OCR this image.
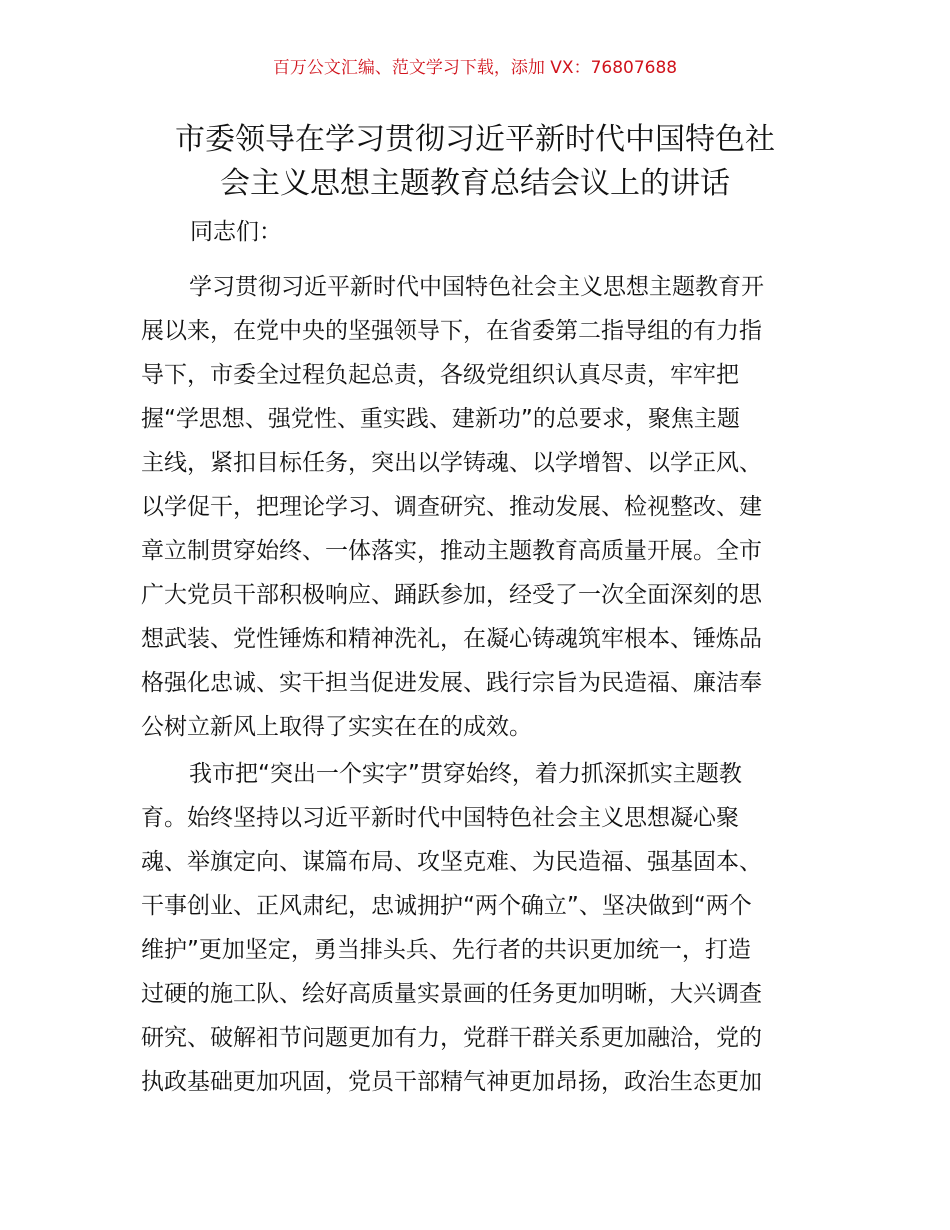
百万公文汇编、范文学习下载，添加 VX：76807688
市委领导在学习贯彻习近平新时代中国特色社
会主义思想主题教育总结会议上的讲话
同志们：
学习贯彻习近平新时代中国特色社会主义思想主题教育开
展以来，在党中央的坚强领导下，在省委第二指导组的有力指
导下，市委全过程负起总责，各级党组织认真尽责，牢牢把
握“学思想、强党性、重实践、建新功”的总要求，聚焦主题
主线，紧扣目标任务，突出以学铸魂、以学增智、以学正风、
以学促干，把理论学习、调查研究、推动发展、检视整改、建
章立制贯穿始终、一体落实，推动主题教育高质量开展。全市
广大党员干部积极响应、踊跃参加，经受了一次全面深刻的思
想武装、党性锤炼和精神洗礼，在凝心铸魂筑牢根本、锤炼品
格强化忠诚、实干担当促进发展、践行宗旨为民造福、廉洁奉
公树立新风上取得了实实在在的成效。
我市把“突出一个实字”贯穿始终，着力抓深抓实主题教
育。始终坚持以习近平新时代中国特色社会主义思想凝心聚
魂、举旗定向、谋篇布局、攻坚克难、为民造福、强基固本、
干事创业、正风肃纪，忠诚拥护“两个确立”、坚决做到“两个
维护”更加坚定，勇当排头兵、先行者的共识更加统一，打造
过硬的施工队、绘好高质量实景画的任务更加明晰，大兴调查
研究、破解衵节问题更加有力，党群干群关系更加融洽，党的
执政基础更加巩固，党员干部精气神更加昂扬，政治生态更加
